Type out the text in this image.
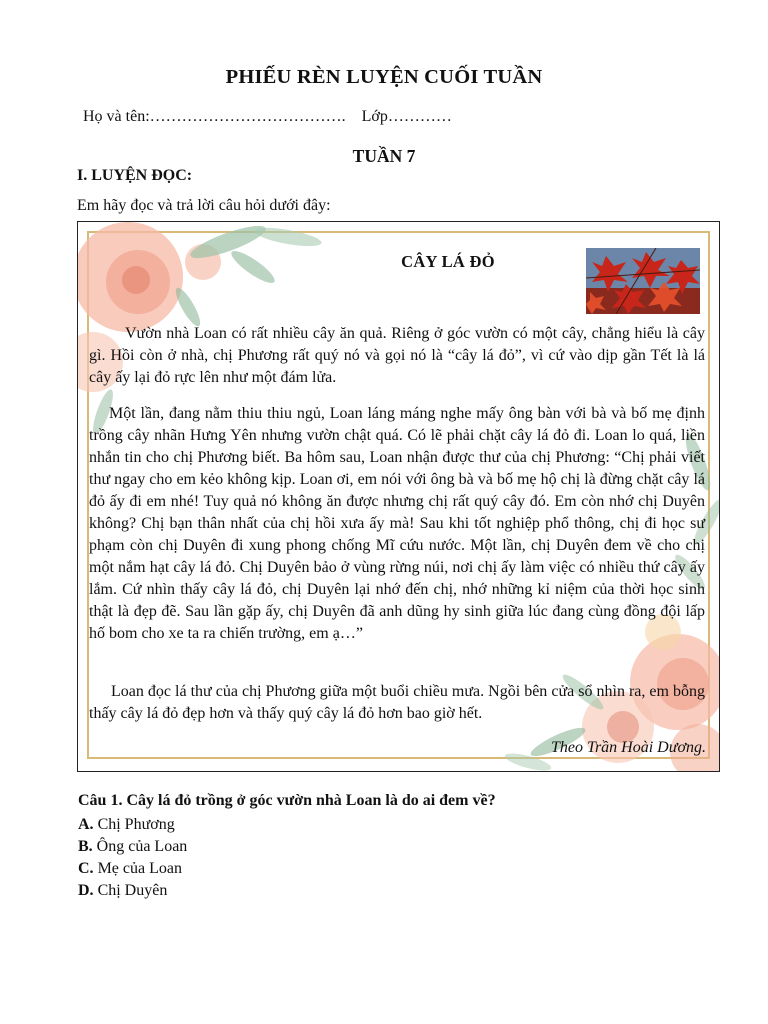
PHIẾU RÈN LUYỆN CUỐI TUẦN
Họ và tên:……………………………….    Lớp…………
TUẦN 7
I. LUYỆN ĐỌC:
Em hãy đọc và trả lời câu hỏi dưới đây:
CÂY LÁ ĐỎ
Vườn nhà Loan có rất nhiều cây ăn quả. Riêng ở góc vườn có một cây, chẳng hiểu là cây gì. Hồi còn ở nhà, chị Phương rất quý nó và gọi nó là “cây lá đỏ”, vì cứ vào dịp gần Tết là lá cây ấy lại đỏ rực lên như một đám lửa.
Một lần, đang nằm thiu thiu ngủ, Loan láng máng nghe mấy ông bàn với bà và bố mẹ định trồng cây nhãn Hưng Yên nhưng vườn chật quá. Có lẽ phải chặt cây lá đỏ đi. Loan lo quá, liền nhắn tin cho chị Phương biết. Ba hôm sau, Loan nhận được thư của chị Phương: “Chị phải viết thư ngay cho em kẻo không kịp. Loan ơi, em nói với ông bà và bố mẹ hộ chị là đừng chặt cây lá đỏ ấy đi em nhé! Tuy quả nó không ăn được nhưng chị rất quý cây đó. Em còn nhớ chị Duyên không? Chị bạn thân nhất của chị hồi xưa ấy mà! Sau khi tốt nghiệp phổ thông, chị đi học sư phạm còn chị Duyên đi xung phong chống Mĩ cứu nước. Một lần, chị Duyên đem về cho chị một nắm hạt cây lá đỏ. Chị Duyên bảo ở vùng rừng núi, nơi chị ấy làm việc có nhiều thứ cây ấy lắm. Cứ nhìn thấy cây lá đỏ, chị Duyên lại nhớ đến chị, nhớ những kỉ niệm của thời học sinh thật là đẹp đẽ. Sau lần gặp ấy, chị Duyên đã anh dũng hy sinh giữa lúc đang cùng đồng đội lấp hố bom cho xe ta ra chiến trường, em ạ…”
Loan đọc lá thư của chị Phương giữa một buổi chiều mưa. Ngồi bên cửa sổ nhìn ra, em bỗng thấy cây lá đỏ đẹp hơn và thấy quý cây lá đỏ hơn bao giờ hết.
Theo Trần Hoài Dương.
Câu 1. Cây lá đỏ trồng ở góc vườn nhà Loan là do ai đem về?
A. Chị Phương
B. Ông của Loan
C. Mẹ của Loan
D. Chị Duyên
